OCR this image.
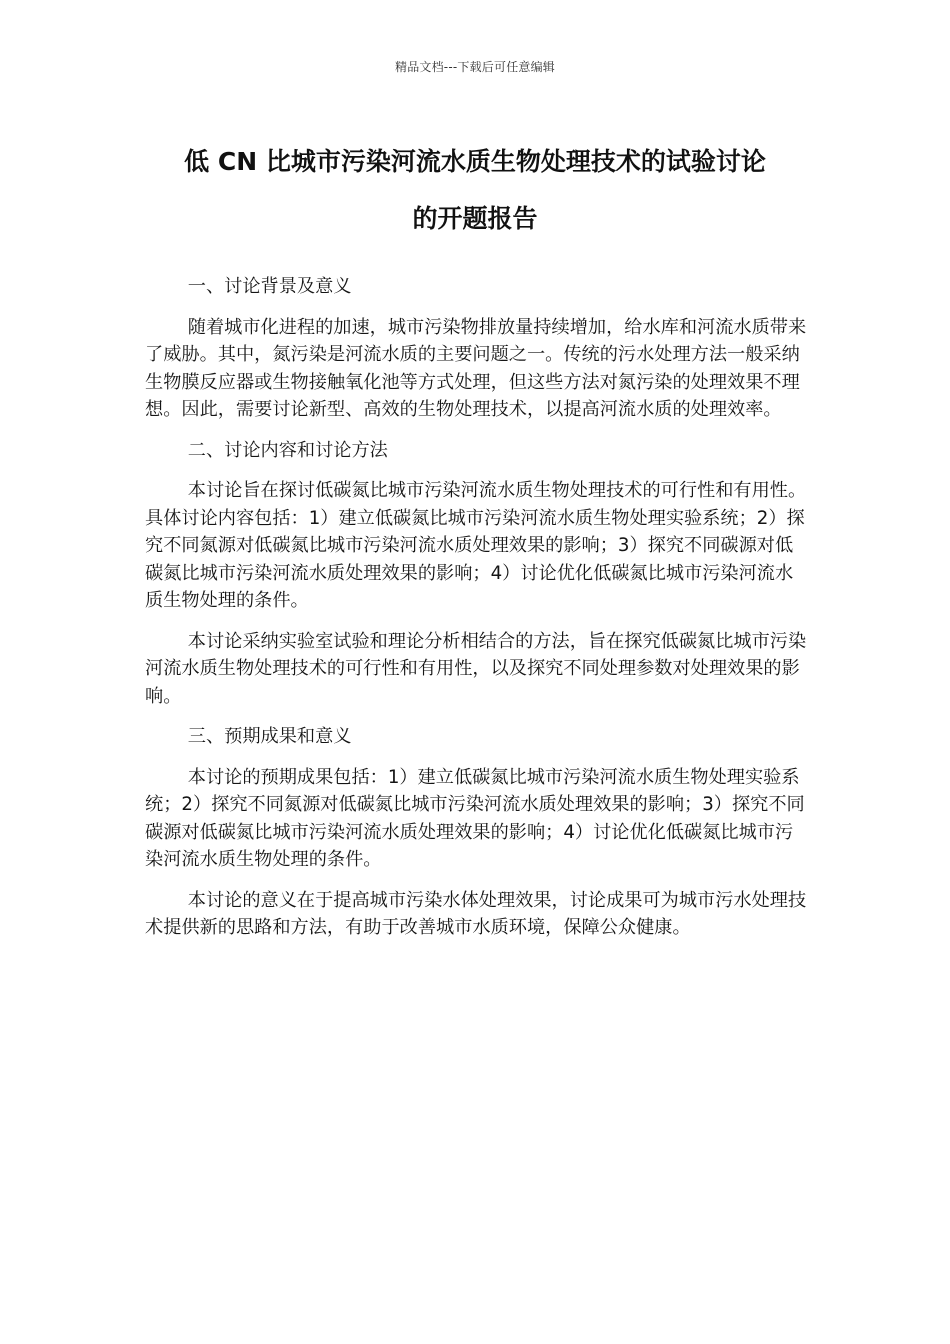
精品文档---下载后可任意编辑
低 CN 比城市污染河流水质生物处理技术的试验讨论
的开题报告

一、讨论背景及意义

随着城市化进程的加速，城市污染物排放量持续增加，给水库和河流水质带来了威胁。其中，氮污染是河流水质的主要问题之一。传统的污水处理方法一般采纳生物膜反应器或生物接触氧化池等方式处理，但这些方法对氮污染的处理效果不理想。因此，需要讨论新型、高效的生物处理技术，以提高河流水质的处理效率。

二、讨论内容和讨论方法

本讨论旨在探讨低碳氮比城市污染河流水质生物处理技术的可行性和有用性。具体讨论内容包括：1）建立低碳氮比城市污染河流水质生物处理实验系统；2）探究不同氮源对低碳氮比城市污染河流水质处理效果的影响；3）探究不同碳源对低碳氮比城市污染河流水质处理效果的影响；4）讨论优化低碳氮比城市污染河流水质生物处理的条件。

本讨论采纳实验室试验和理论分析相结合的方法，旨在探究低碳氮比城市污染河流水质生物处理技术的可行性和有用性，以及探究不同处理参数对处理效果的影响。

三、预期成果和意义

本讨论的预期成果包括：1）建立低碳氮比城市污染河流水质生物处理实验系统；2）探究不同氮源对低碳氮比城市污染河流水质处理效果的影响；3）探究不同碳源对低碳氮比城市污染河流水质处理效果的影响；4）讨论优化低碳氮比城市污染河流水质生物处理的条件。

本讨论的意义在于提高城市污染水体处理效果，讨论成果可为城市污水处理技术提供新的思路和方法，有助于改善城市水质环境，保障公众健康。
